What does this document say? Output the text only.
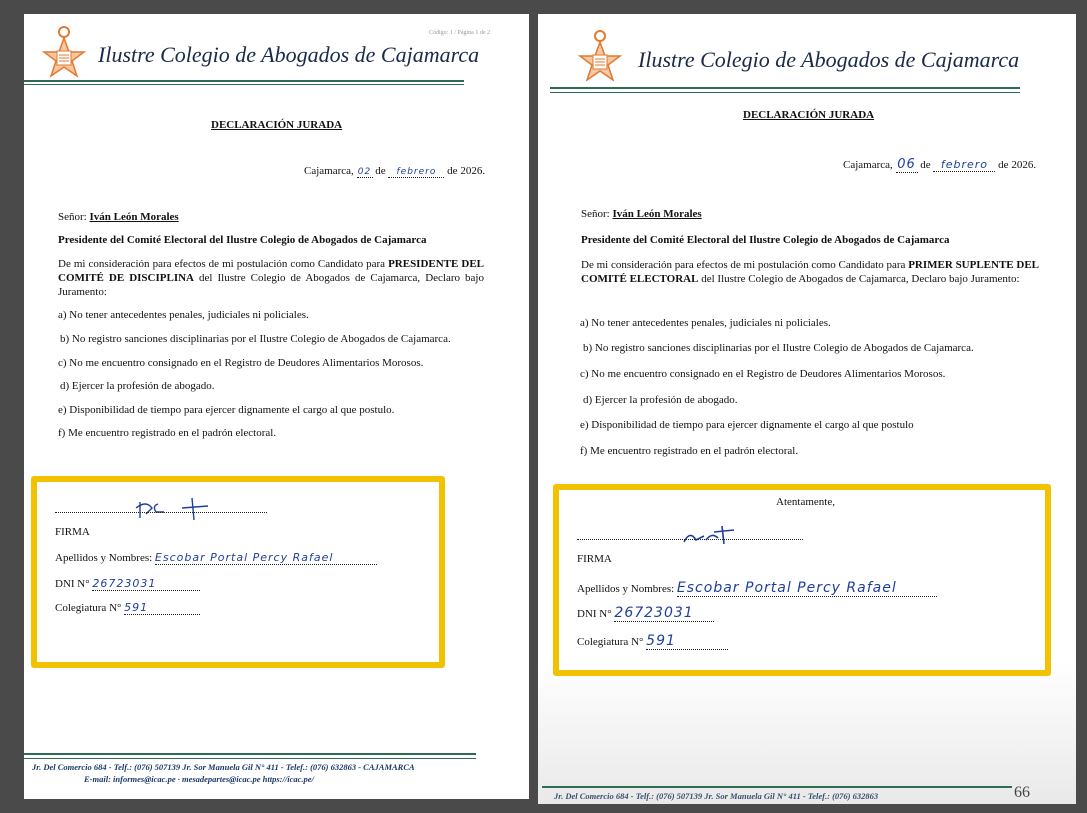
Código: 1 / Página 1 de 2
Ilustre Colegio de Abogados de Cajamarca
DECLARACIÓN JURADA
Cajamarca, 02 de febrero de 2026.
Señor: Iván León Morales
Presidente del Comité Electoral del Ilustre Colegio de Abogados de Cajamarca
De mi consideración para efectos de mi postulación como Candidato para PRESIDENTE DEL COMITÉ DE DISCIPLINA del Ilustre Colegio de Abogados de Cajamarca, Declaro bajo Juramento:
a) No tener antecedentes penales, judiciales ni policiales.
b) No registro sanciones disciplinarias por el Ilustre Colegio de Abogados de Cajamarca.
c) No me encuentro consignado en el Registro de Deudores Alimentarios Morosos.
d) Ejercer la profesión de abogado.
e) Disponibilidad de tiempo para ejercer dignamente el cargo al que postulo.
f) Me encuentro registrado en el padrón electoral.
FIRMA
Apellidos y Nombres: Escobar Portal Percy Rafael
DNI N° 26723031
Colegiatura N° 591
Jr. Del Comercio 684 - Telf.: (076) 507139 Jr. Sor Manuela Gil N° 411 - Telef.: (076) 632863 - CAJAMARCA
E-mail: informes@icac.pe · mesadepartes@icac.pe https://icac.pe/
Ilustre Colegio de Abogados de Cajamarca
DECLARACIÓN JURADA
Cajamarca, 06 de febrero de 2026.
Señor: Iván León Morales
Presidente del Comité Electoral del Ilustre Colegio de Abogados de Cajamarca
De mi consideración para efectos de mi postulación como Candidato para PRIMER SUPLENTE DEL COMITÉ ELECTORAL del Ilustre Colegio de Abogados de Cajamarca, Declaro bajo Juramento:
a) No tener antecedentes penales, judiciales ni policiales.
b) No registro sanciones disciplinarias por el Ilustre Colegio de Abogados de Cajamarca.
c) No me encuentro consignado en el Registro de Deudores Alimentarios Morosos.
d) Ejercer la profesión de abogado.
e) Disponibilidad de tiempo para ejercer dignamente el cargo al que postulo
f) Me encuentro registrado en el padrón electoral.
Atentamente,
FIRMA
Apellidos y Nombres: Escobar Portal Percy Rafael
DNI N° 26723031
Colegiatura N° 591
Jr. Del Comercio 684 - Telf.: (076) 507139 Jr. Sor Manuela Gil N° 411 - Telef.: (076) 632863	66
